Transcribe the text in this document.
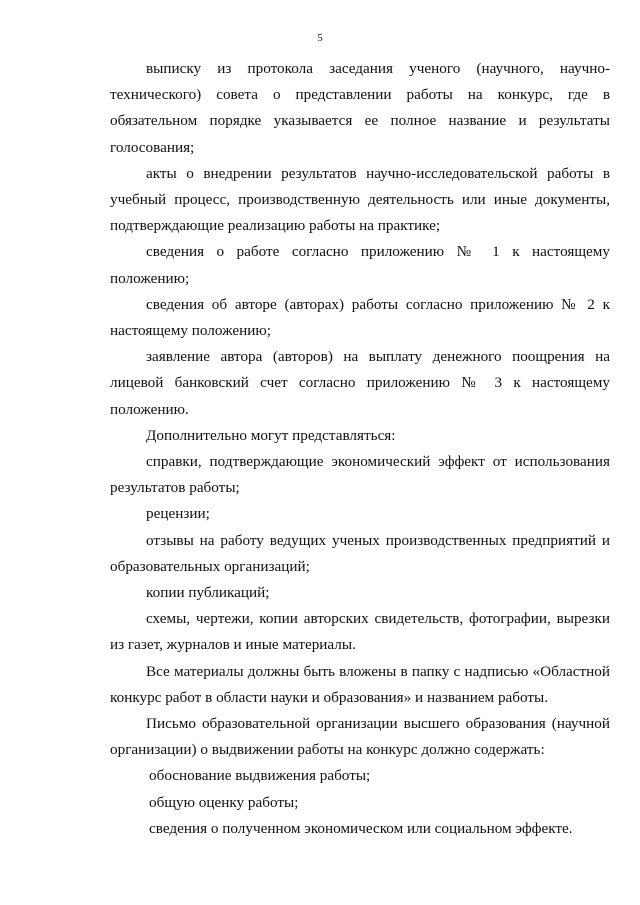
5

выписку из протокола заседания ученого (научного, научно-технического) совета о представлении работы на конкурс, где в обязательном порядке указывается ее полное название и результаты голосования;

акты о внедрении результатов научно-исследовательской работы в учебный процесс, производственную деятельность или иные документы, подтверждающие реализацию работы на практике;

сведения о работе согласно приложению № 1 к настоящему положению;

сведения об авторе (авторах) работы согласно приложению № 2 к настоящему положению;

заявление автора (авторов) на выплату денежного поощрения на лицевой банковский счет согласно приложению № 3 к настоящему положению.

Дополнительно могут представляться:

справки, подтверждающие экономический эффект от использования результатов работы;

рецензии;

отзывы на работу ведущих ученых производственных предприятий и образовательных организаций;

копии публикаций;

схемы, чертежи, копии авторских свидетельств, фотографии, вырезки из газет, журналов и иные материалы.

Все материалы должны быть вложены в папку с надписью «Областной конкурс работ в области науки и образования» и названием работы.

Письмо образовательной организации высшего образования (научной организации) о выдвижении работы на конкурс должно содержать:

обоснование выдвижения работы;

общую оценку работы;

сведения о полученном экономическом или социальном эффекте.
